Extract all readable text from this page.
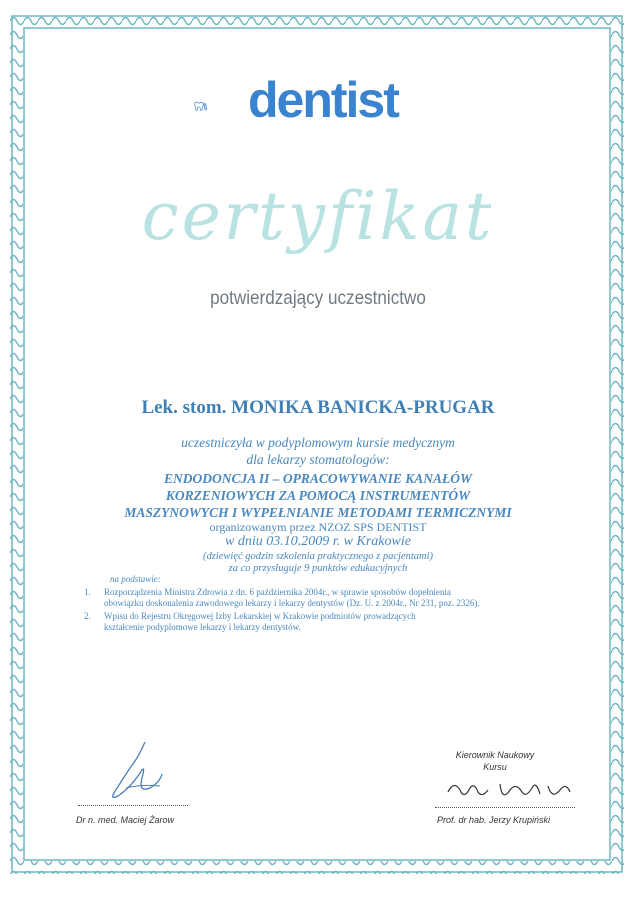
dentist
certyfikat
potwierdzający uczestnictwo
Lek. stom. MONIKA BANICKA-PRUGAR
uczestniczyła w podyplomowym kursie medycznym
dla lekarzy stomatologów:
ENDODONCJA II – OPRACOWYWANIE KANAŁÓW
KORZENIOWYCH ZA POMOCĄ INSTRUMENTÓW
MASZYNOWYCH I WYPEŁNIANIE METODAMI TERMICZNYMI
organizowanym przez NZOZ SPS DENTIST
w dniu 03.10.2009 r. w Krakowie
(dziewięć godzin szkolenia praktycznego z pacjentami)
za co przysługuje 9 punktów edukacyjnych
na podstawie:
1. Rozporządzenia Ministra Zdrowia z dn. 6 października 2004r., w sprawie sposobów dopełnienia
obowiązku doskonalenia zawodowego lekarzy i lekarzy dentystów (Dz. U. z 2004r., Nr 231, poz. 2326).
2. Wpisu do Rejestru Okręgowej Izby Lekarskiej w Krakowie podmiotów prowadzących
kształcenie podyplomowe lekarzy i lekarzy dentystów.
Dr n. med. Maciej Żarow
Kierownik Naukowy
Kursu
Prof. dr hab. Jerzy Krupiński
